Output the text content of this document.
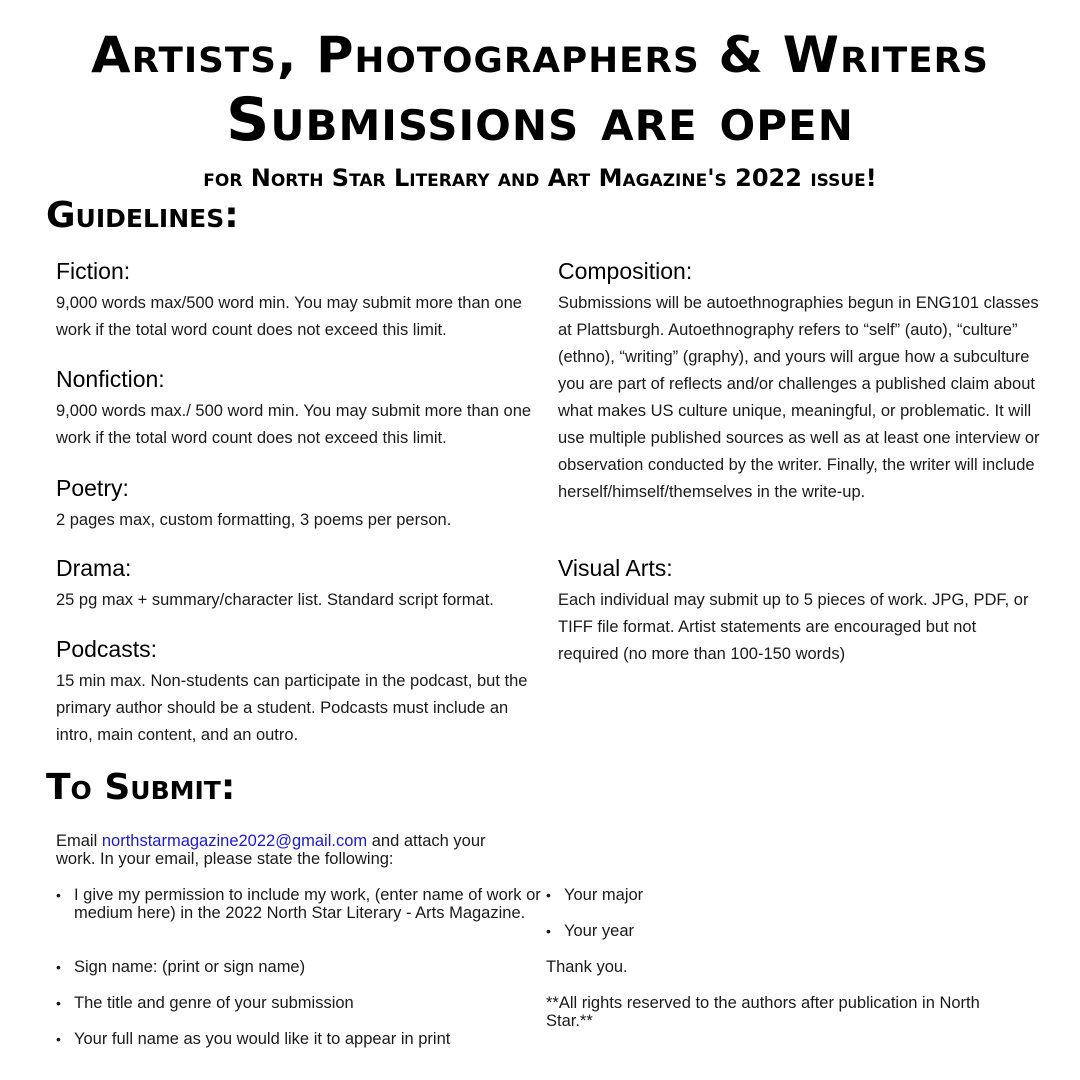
Artists, Photographers & Writers
Submissions are open
for North Star Literary and Art Magazine's 2022 issue!
Guidelines:
Fiction:

9,000 words max/500 word min. You may submit more than one work if the total word count does not exceed this limit.

Nonfiction:

9,000 words max./ 500 word min. You may submit more than one work if the total word count does not exceed this limit.

Poetry:

2 pages max, custom formatting, 3 poems per person.

Drama:

25 pg max + summary/character list. Standard script format.

Podcasts:

15 min max. Non-students can participate in the podcast, but the primary author should be a student. Podcasts must include an intro, main content, and an outro.

Composition:

Submissions will be autoethnographies begun in ENG101 classes at Plattsburgh. Autoethnography refers to “self” (auto), “culture” (ethno), “writing” (graphy), and yours will argue how a subculture you are part of reflects and/or challenges a published claim about what makes US culture unique, meaningful, or problematic. It will use multiple published sources as well as at least one interview or observation conducted by the writer. Finally, the writer will include herself/himself/themselves in the write-up.

Visual Arts:

Each individual may submit up to 5 pieces of work. JPG, PDF, or TIFF file format. Artist statements are encouraged but not required (no more than 100-150 words)

To Submit:
Email northstarmagazine2022@gmail.com and attach your work. In your email, please state the following:
• I give my permission to include my work, (enter name of work or medium here) in the 2022 North Star Literary - Arts Magazine.
• Sign name: (print or sign name)
• The title and genre of your submission
• Your full name as you would like it to appear in print
• Your major
• Your year
Thank you.
**All rights reserved to the authors after publication in North Star.**
